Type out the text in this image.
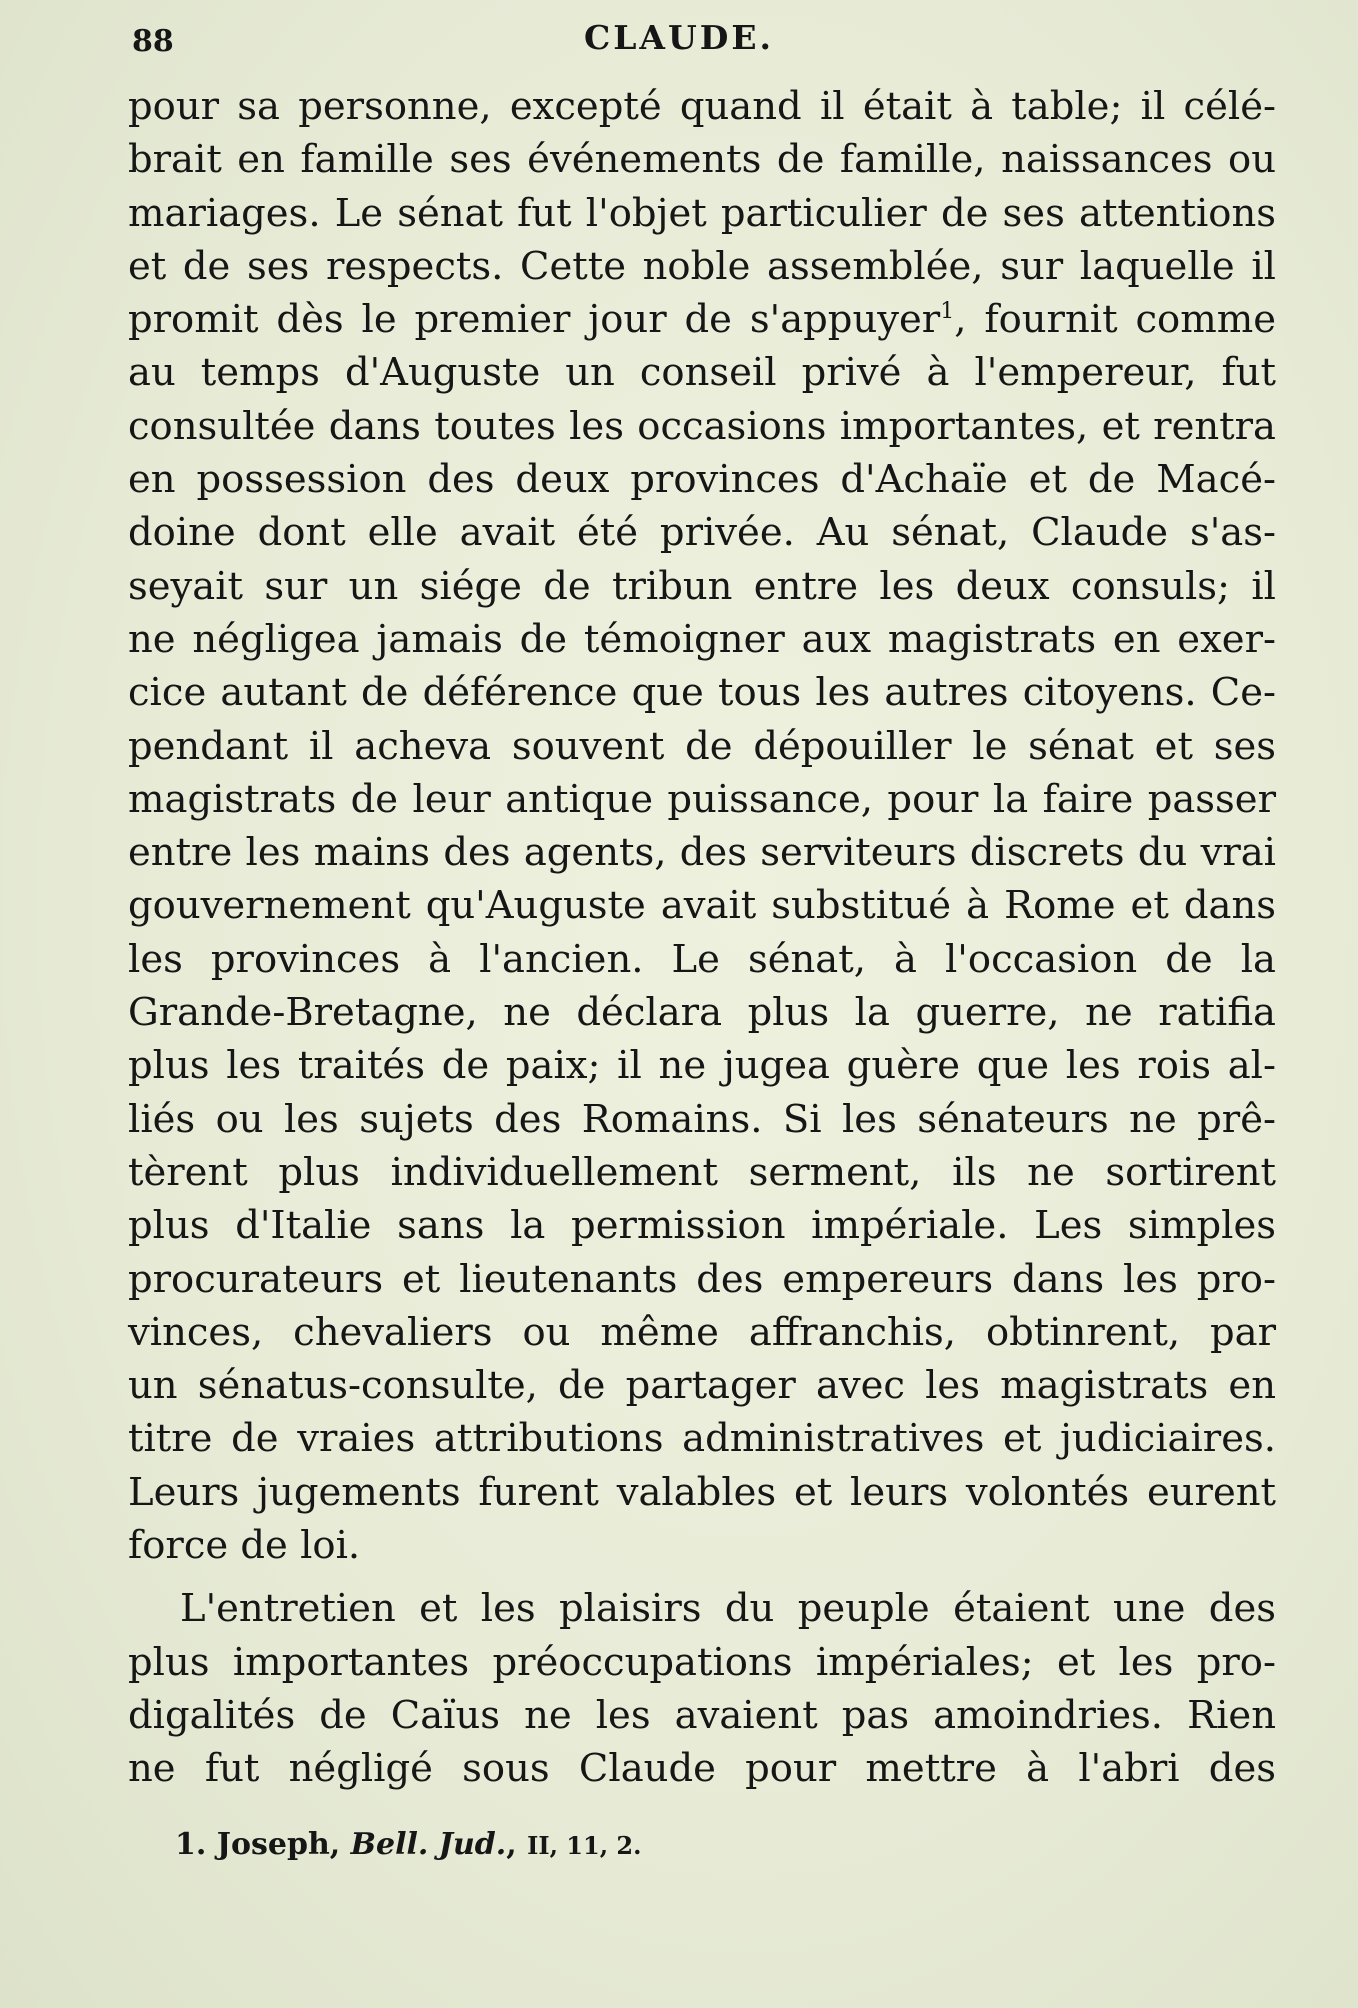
88	CLAUDE.
pour sa personne, excepté quand il était à table; il célé-
brait en famille ses événements de famille, naissances ou
mariages. Le sénat fut l'objet particulier de ses attentions
et de ses respects. Cette noble assemblée, sur laquelle il
promit dès le premier jour de s'appuyer$^1$, fournit comme
au temps d'Auguste un conseil privé à l'empereur, fut
consultée dans toutes les occasions importantes, et rentra
en possession des deux provinces d'Achaïe et de Macé-
doine dont elle avait été privée. Au sénat, Claude s'as-
seyait sur un siége de tribun entre les deux consuls; il
ne négligea jamais de témoigner aux magistrats en exer-
cice autant de déférence que tous les autres citoyens. Ce-
pendant il acheva souvent de dépouiller le sénat et ses
magistrats de leur antique puissance, pour la faire passer
entre les mains des agents, des serviteurs discrets du vrai
gouvernement qu'Auguste avait substitué à Rome et dans
les provinces à l'ancien. Le sénat, à l'occasion de la
Grande-Bretagne, ne déclara plus la guerre, ne ratifia
plus les traités de paix; il ne jugea guère que les rois al-
liés ou les sujets des Romains. Si les sénateurs ne prê-
tèrent plus individuellement serment, ils ne sortirent
plus d'Italie sans la permission impériale. Les simples
procurateurs et lieutenants des empereurs dans les pro-
vinces, chevaliers ou même affranchis, obtinrent, par
un sénatus-consulte, de partager avec les magistrats en
titre de vraies attributions administratives et judiciaires.
Leurs jugements furent valables et leurs volontés eurent
force de loi.
L'entretien et les plaisirs du peuple étaient une des
plus importantes préoccupations impériales; et les pro-
digalités de Caïus ne les avaient pas amoindries. Rien
ne fut négligé sous Claude pour mettre à l'abri des
1. Joseph, Bell. Jud., II, 11, 2.
